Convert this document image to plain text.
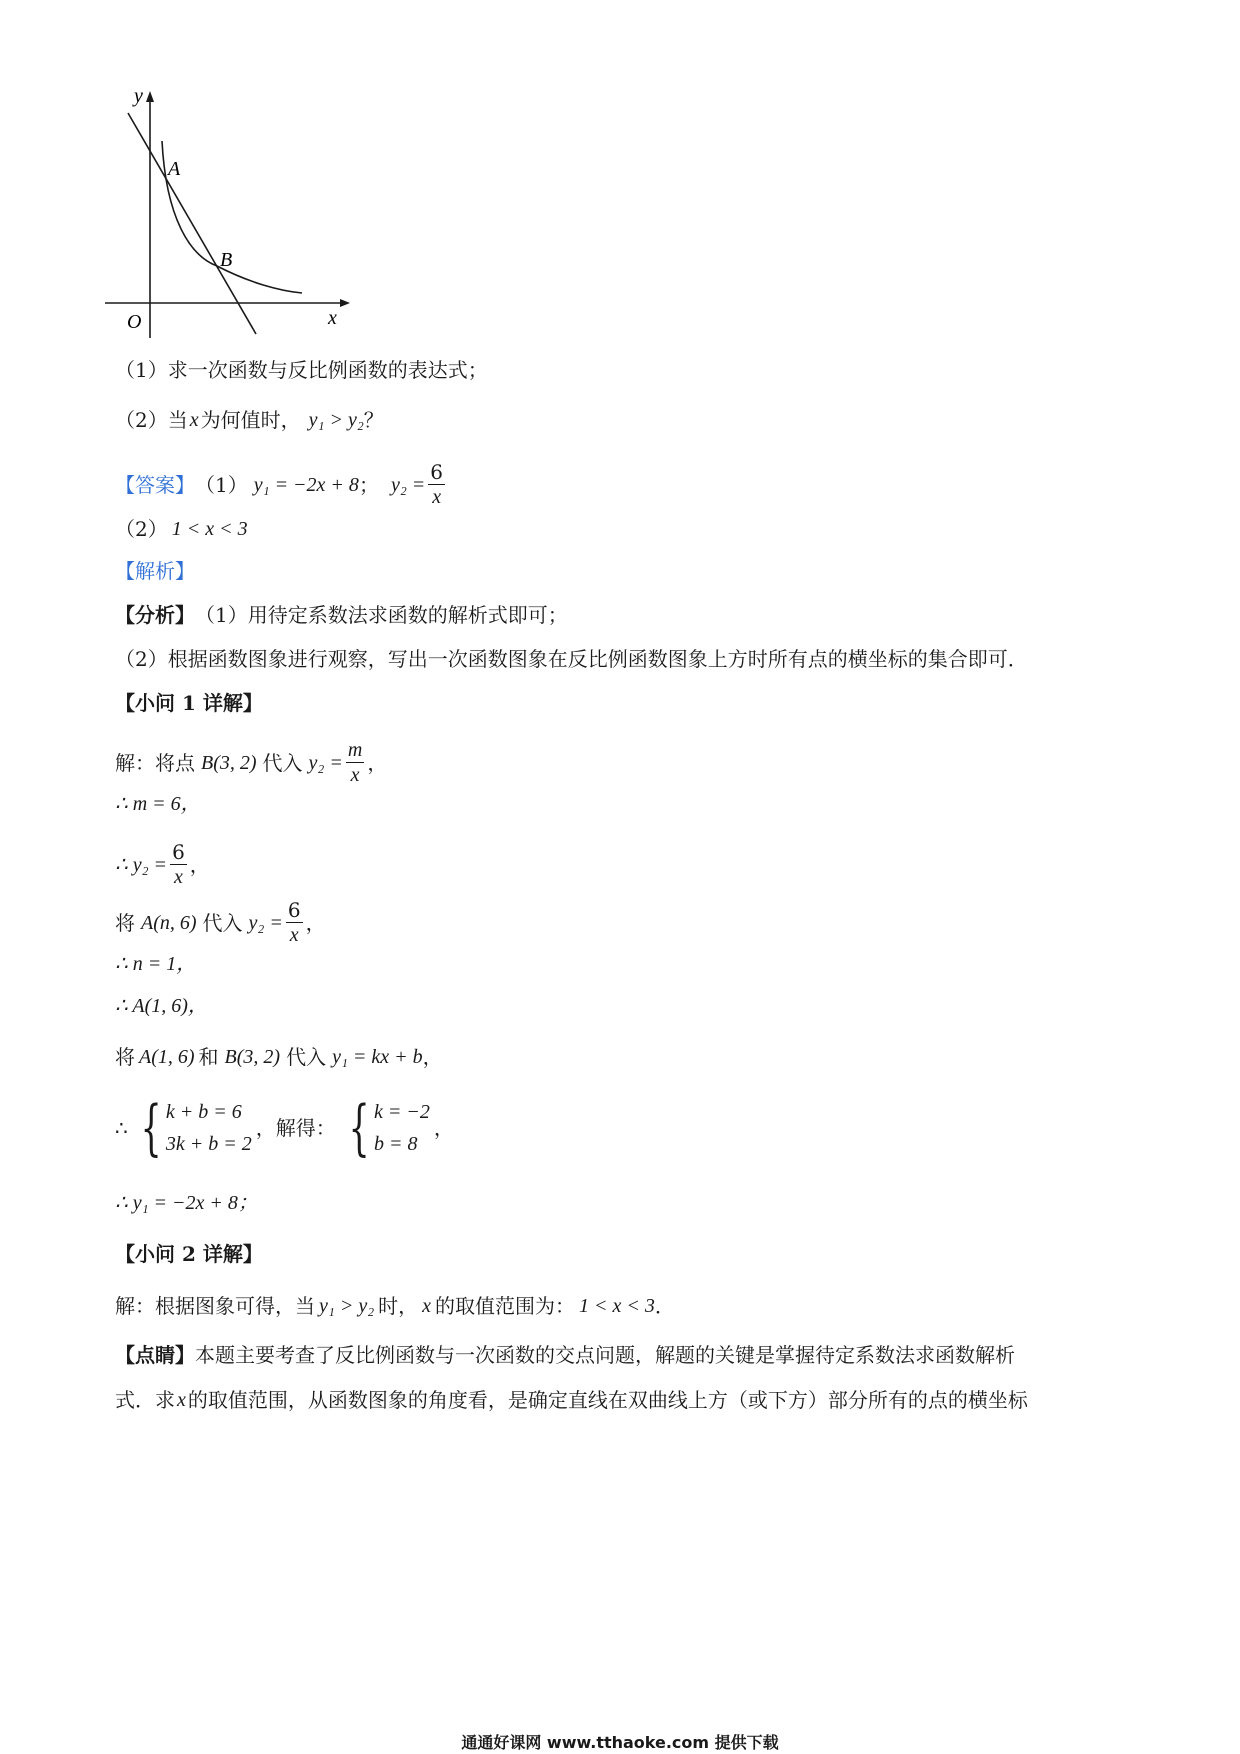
y
x
O
A
B
（1）求一次函数与反比例函数的表达式；
（2）当 x 为何值时， y₁ > y₂ ？
【答案】 （1） y₁ = −2x + 8 ； $y_2 = \frac{6}{x}$
（2） 1 < x < 3
【解析】
【分析】 （1）用待定系数法求函数的解析式即可；
（2）根据函数图象进行观察，写出一次函数图象在反比例函数图象上方时所有点的横坐标的集合即可．
【小问 1 详解】
解：将点 B(3, 2) 代入 $y_2 = \frac{m}{x}$ ，
∴ m = 6，
∴ $y_2 = \frac{6}{x}$ ，
将 A(n, 6) 代入 $y_2 = \frac{6}{x}$ ，
∴ n = 1，
∴ A(1, 6)，
将 A(1, 6) 和 B(3, 2) 代入 y₁ = kx + b ，
∴ { k + b = 6
3k + b = 2
，解得： { k = −2
b = 8
，
∴ y₁ = −2x + 8；
【小问 2 详解】
解：根据图象可得，当 y₁ > y₂ 时， x 的取值范围为： 1 < x < 3 ．
【点睛】 本题主要考查了反比例函数与一次函数的交点问题，解题的关键是掌握待定系数法求函数解析
式．求 x 的取值范围，从函数图象的角度看，是确定直线在双曲线上方（或下方）部分所有的点的横坐标
通通好课网 www.tthaoke.com 提供下载
